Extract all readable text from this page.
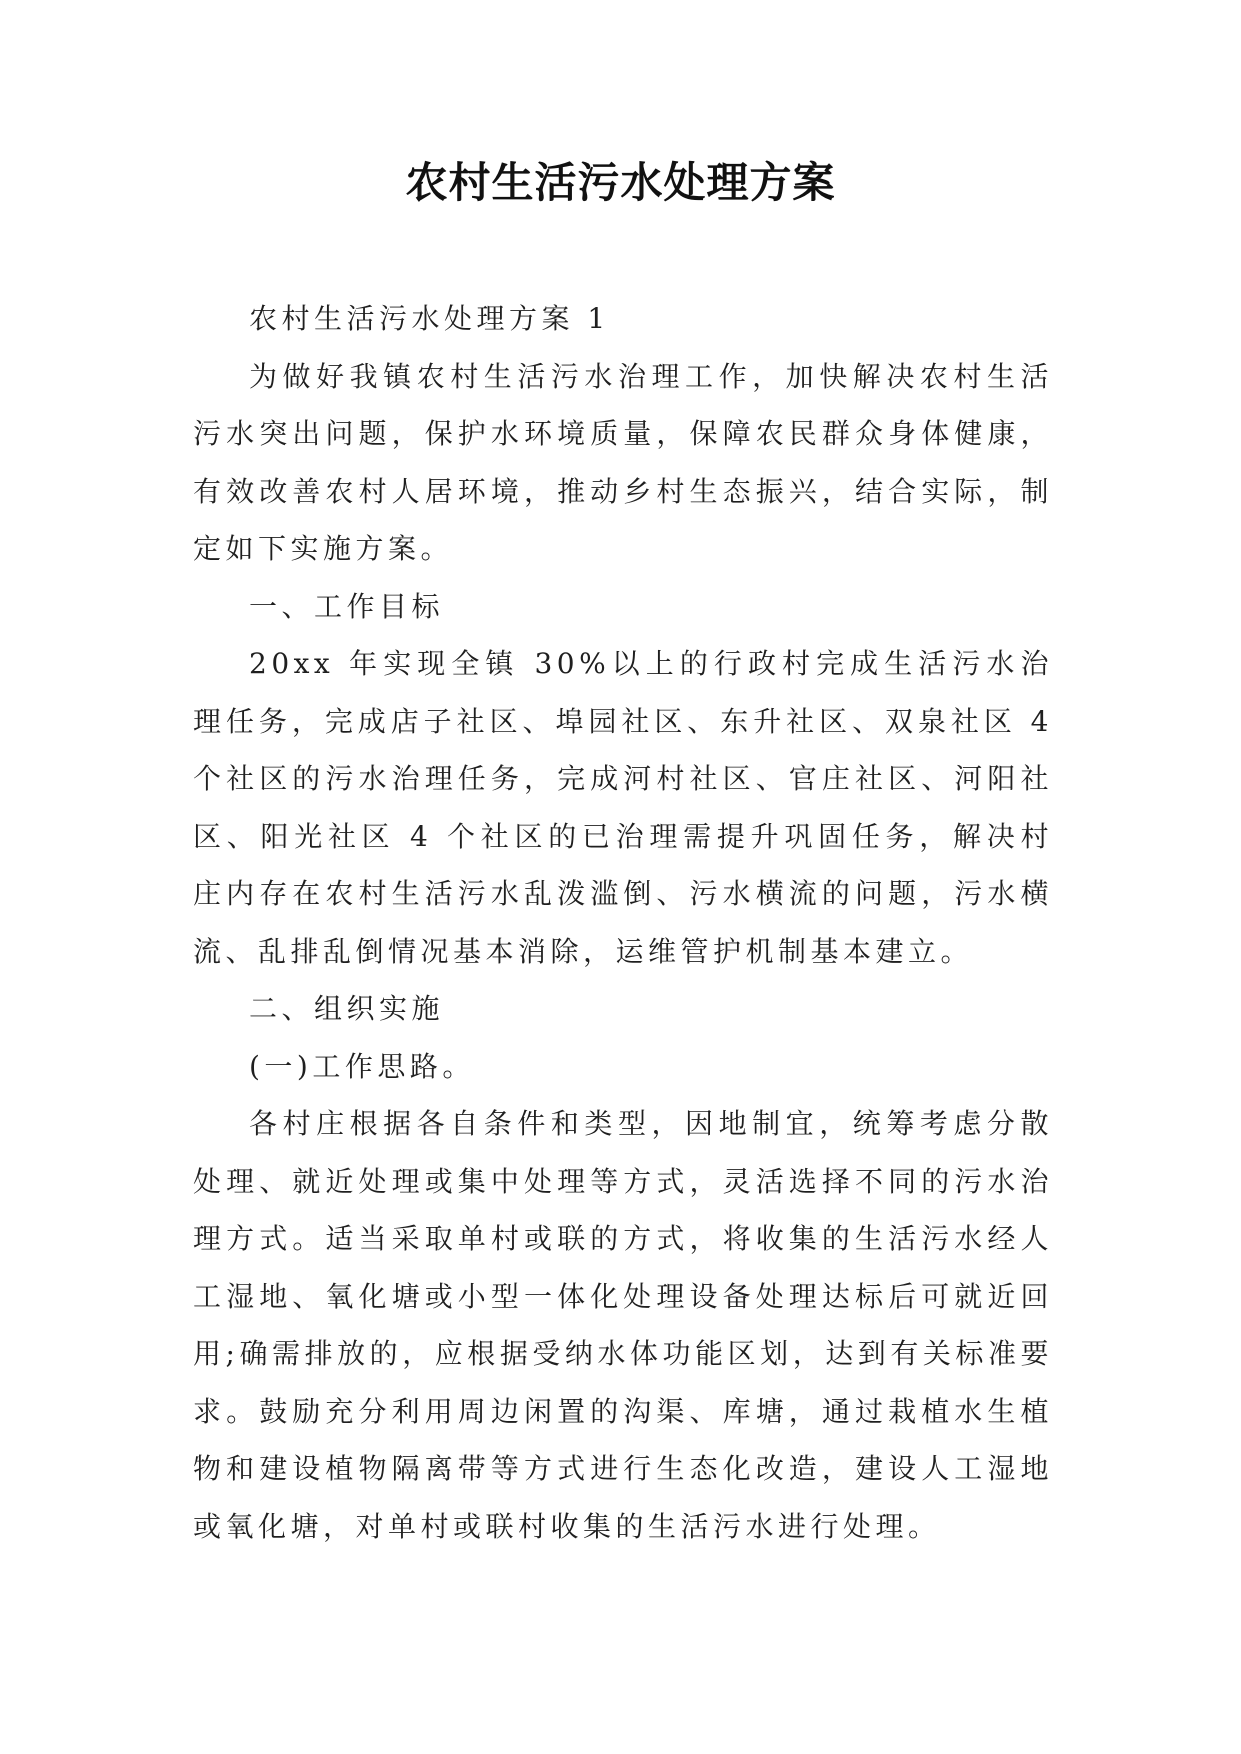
农村生活污水处理方案

农村生活污水处理方案 1

为做好我镇农村生活污水治理工作，加快解决农村生活污水突出问题，保护水环境质量，保障农民群众身体健康，有效改善农村人居环境，推动乡村生态振兴，结合实际，制定如下实施方案。

一、工作目标

20xx 年实现全镇 30%以上的行政村完成生活污水治理任务，完成店子社区、埠园社区、东升社区、双泉社区 4 个社区的污水治理任务，完成河村社区、官庄社区、河阳社区、阳光社区 4 个社区的已治理需提升巩固任务，解决村庄内存在农村生活污水乱泼滥倒、污水横流的问题，污水横流、乱排乱倒情况基本消除，运维管护机制基本建立。

二、组织实施

(一)工作思路。

各村庄根据各自条件和类型，因地制宜，统筹考虑分散处理、就近处理或集中处理等方式，灵活选择不同的污水治理方式。适当采取单村或联的方式，将收集的生活污水经人工湿地、氧化塘或小型一体化处理设备处理达标后可就近回用;确需排放的，应根据受纳水体功能区划，达到有关标准要求。鼓励充分利用周边闲置的沟渠、库塘，通过栽植水生植物和建设植物隔离带等方式进行生态化改造，建设人工湿地或氧化塘，对单村或联村收集的生活污水进行处理。
